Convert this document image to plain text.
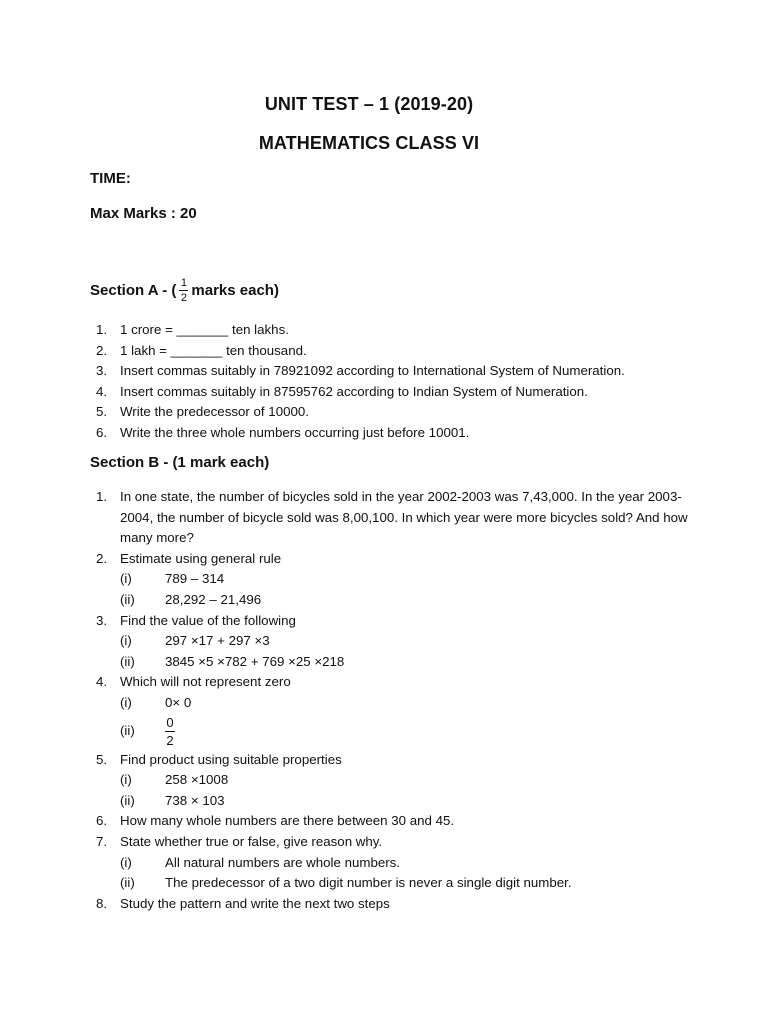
UNIT TEST – 1 (2019-20)
MATHEMATICS CLASS VI
TIME:
Max Marks : 20
Section A - ( $\frac{1}{2}$ marks each)
1. 1 crore = _______ ten lakhs.
2. 1 lakh = _______ ten thousand.
3. Insert commas suitably in 78921092 according to International System of Numeration.
4. Insert commas suitably in 87595762 according to Indian System of Numeration.
5. Write the predecessor of 10000.
6. Write the three whole numbers occurring just before 10001.
Section B - (1 mark each)
1. In one state, the number of bicycles sold in the year 2002-2003 was 7,43,000. In the year 2003-2004, the number of bicycle sold was 8,00,100. In which year were more bicycles sold? And how many more?
2. Estimate using general rule
(i)	789 – 314
(ii)	28,292 – 21,496
3. Find the value of the following
(i)	297 ×17 + 297 ×3
(ii)	3845 ×5 ×782 + 769 ×25 ×218
4. Which will not represent zero
(i)	0× 0
(ii)
0
2
5. Find product using suitable properties
(i)	258 ×1008
(ii)	738 × 103
6. How many whole numbers are there between 30 and 45.
7. State whether true or false, give reason why.
(i)	All natural numbers are whole numbers.
(ii)	The predecessor of a two digit number is never a single digit number.
8. Study the pattern and write the next two steps
